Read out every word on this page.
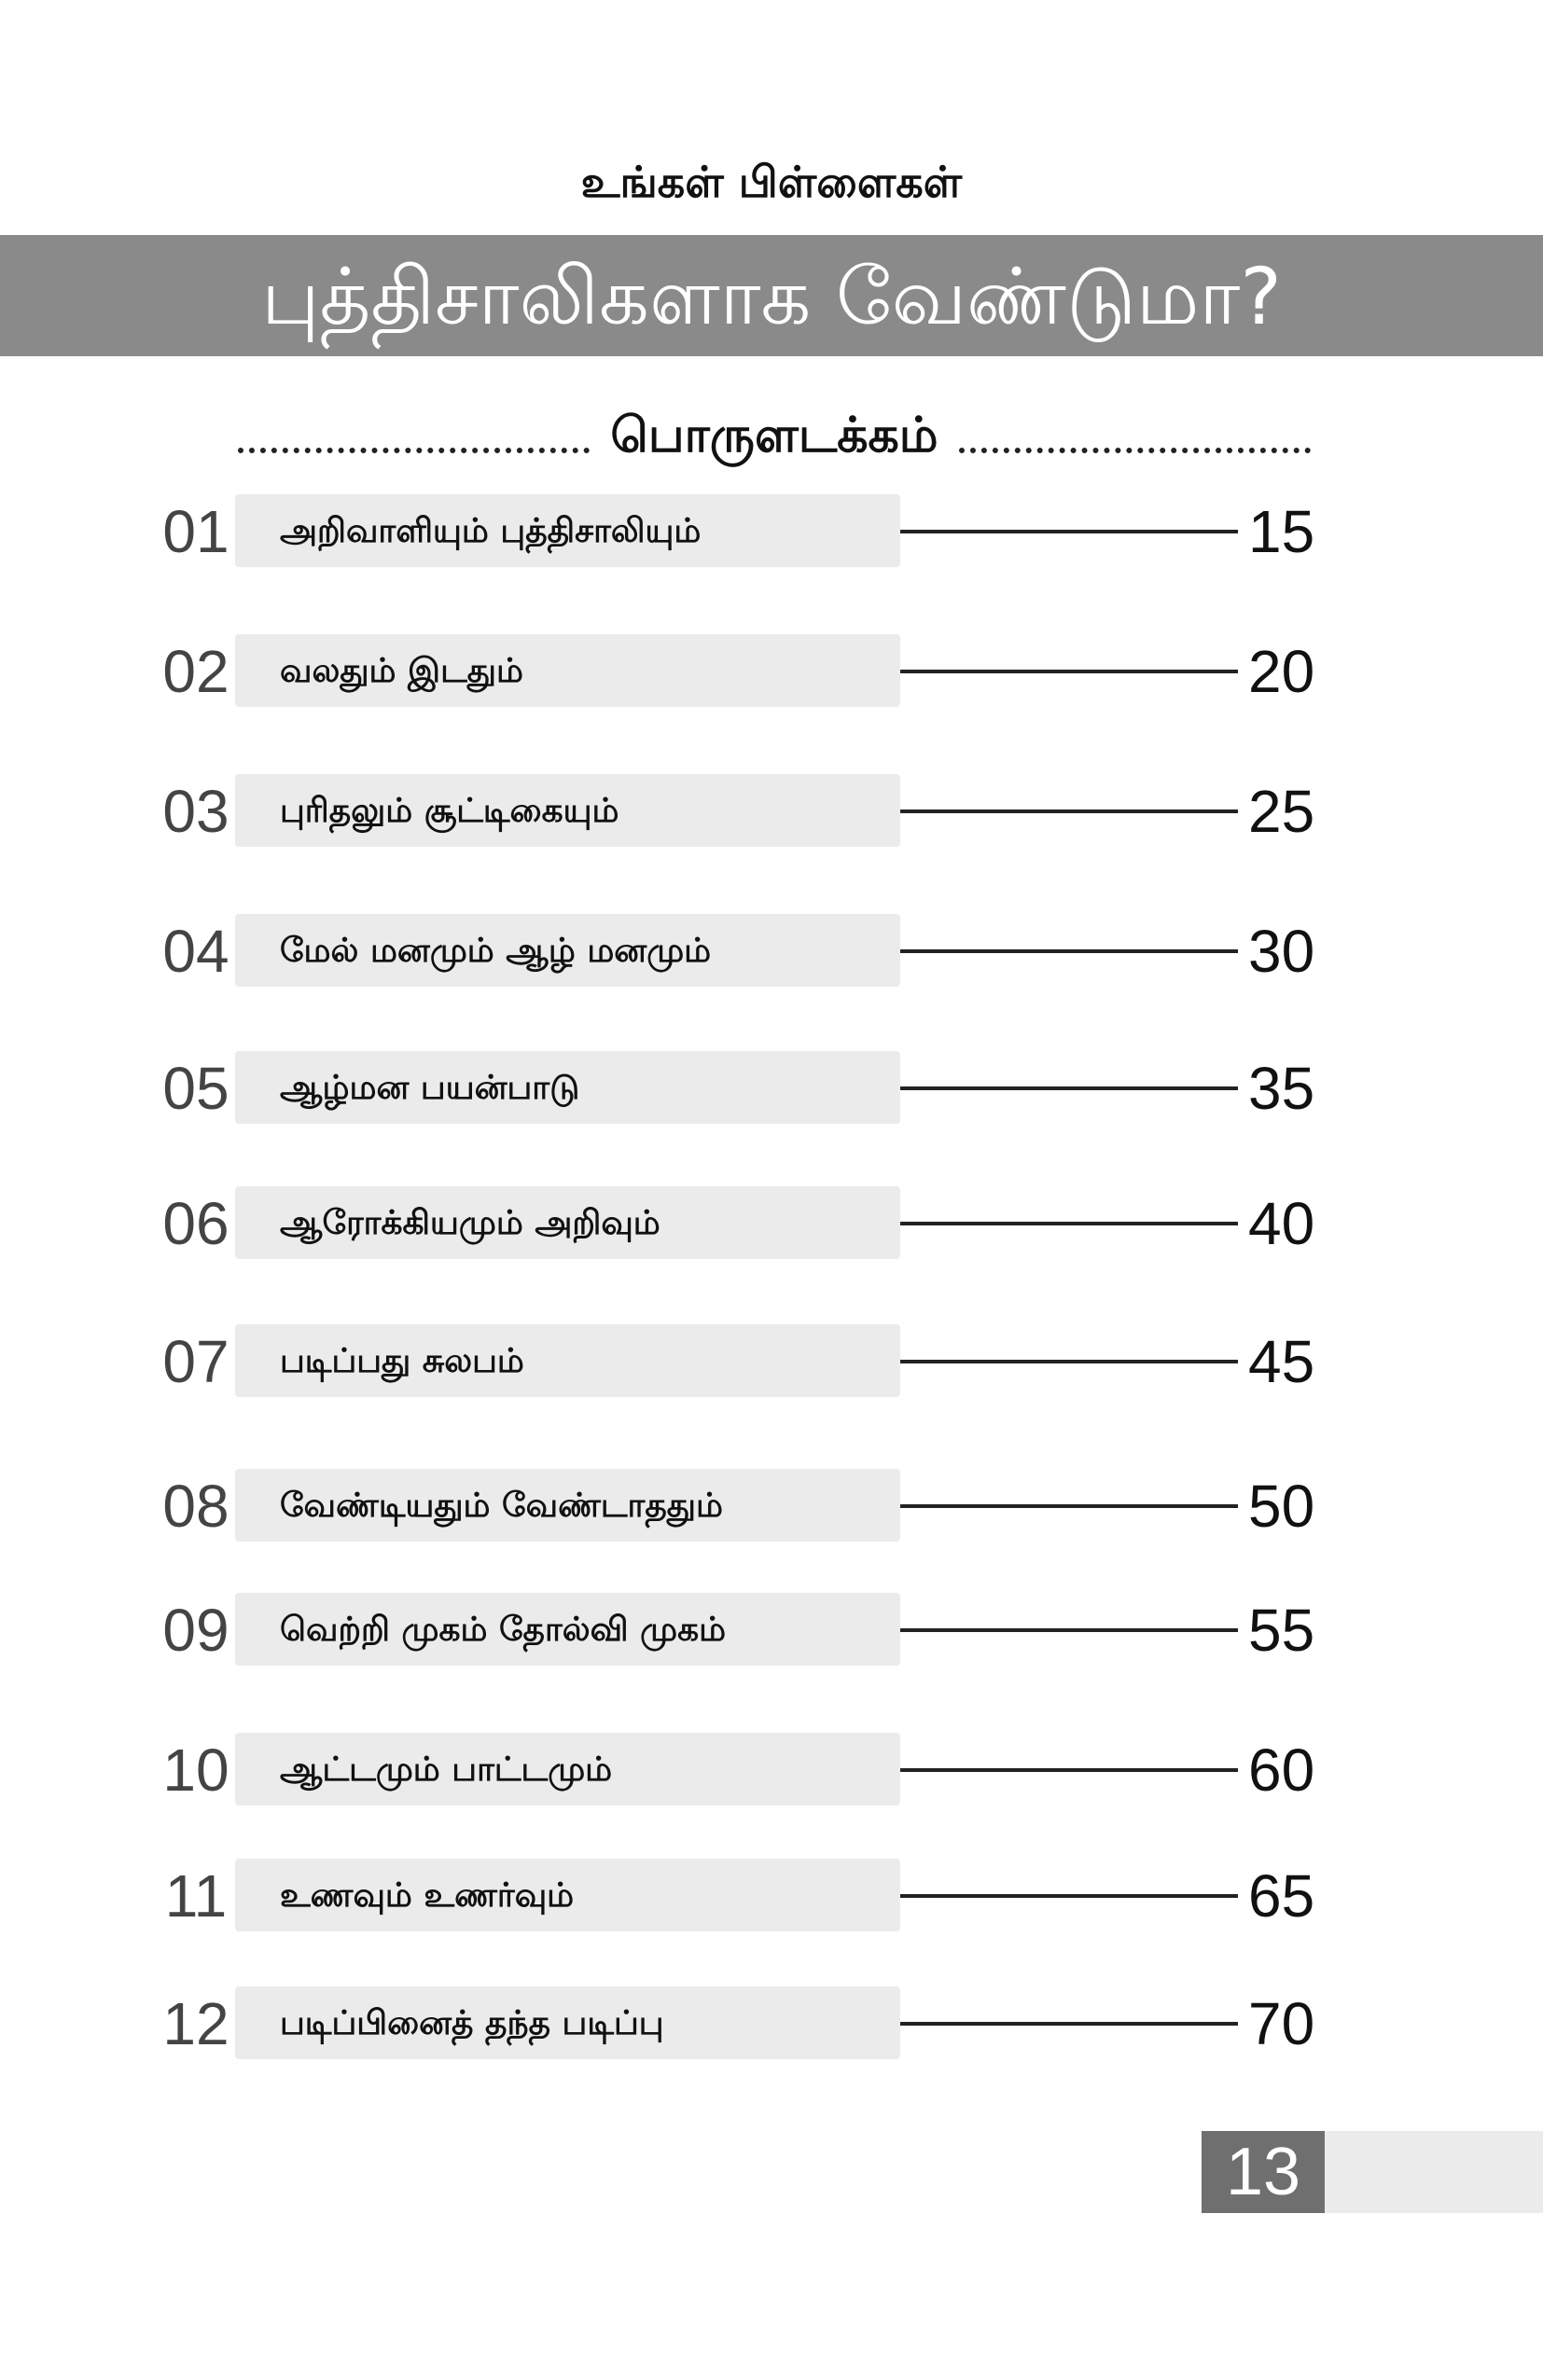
உங்கள் பிள்ளைகள்
புத்திசாலிகளாக வேண்டுமா?
பொருளடக்கம்
01	அறிவாளியும் புத்திசாலியும்	15
02	வலதும் இடதும்	20
03	புரிதலும் சூட்டிகையும்	25
04	மேல் மனமும் ஆழ் மனமும்	30
05	ஆழ்மன பயன்பாடு	35
06	ஆரோக்கியமும் அறிவும்	40
07	படிப்பது சுலபம்	45
08	வேண்டியதும் வேண்டாததும்	50
09	வெற்றி முகம் தோல்வி முகம்	55
10	ஆட்டமும் பாட்டமும்	60
11	உணவும் உணர்வும்	65
12	படிப்பினைத் தந்த படிப்பு	70
13
